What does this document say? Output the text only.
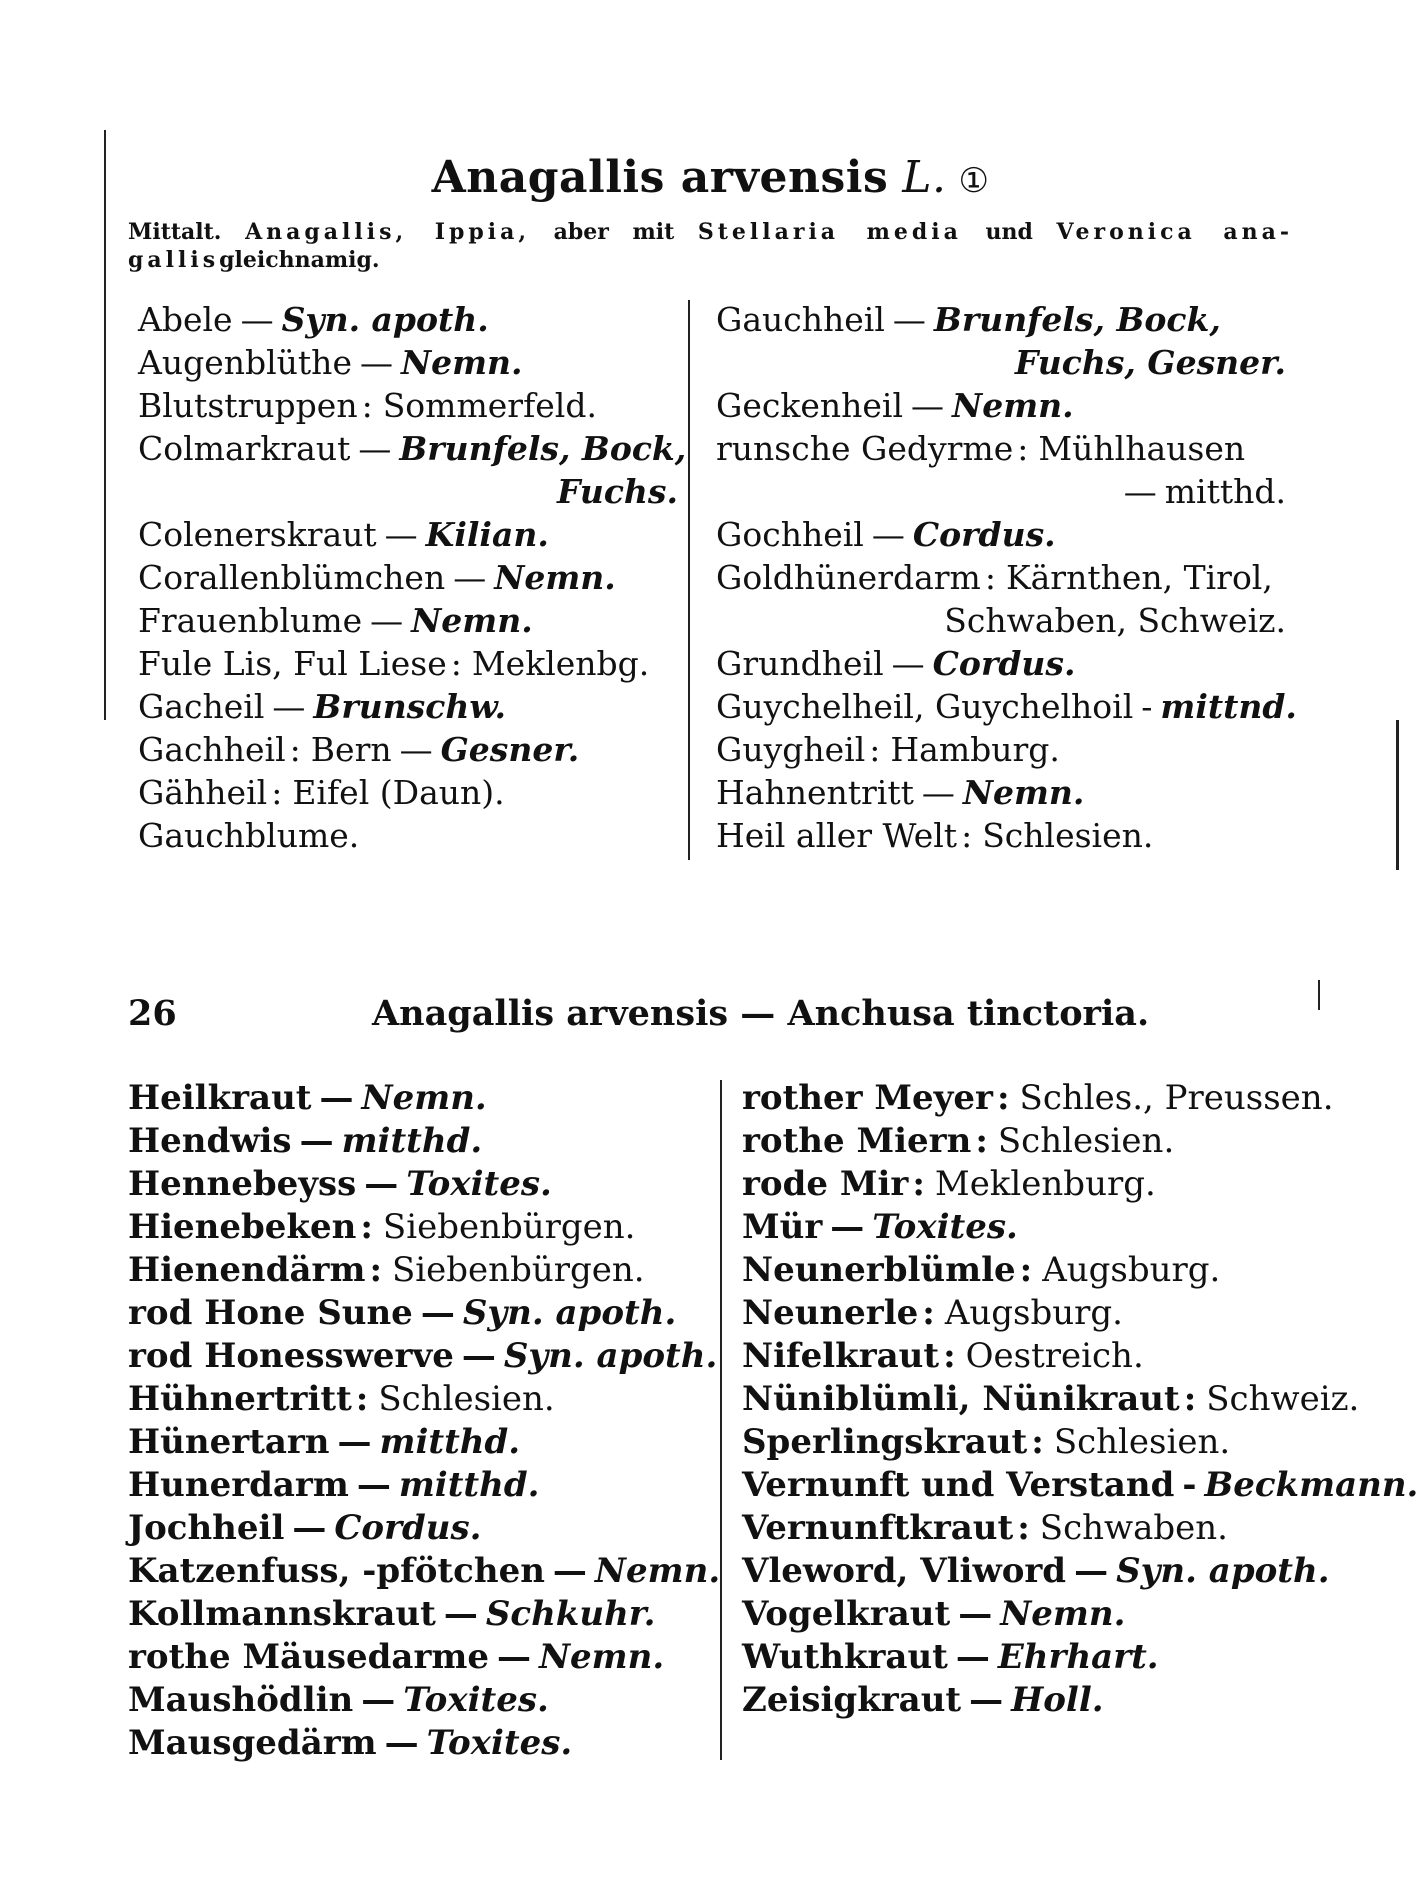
Anagallis arvensis L. ①
Mittalt. Anagallis, Ippia, aber mit Stellaria media und Veronica ana-gallisgleichnamig.
Abele — Syn. apoth.
Augenblüthe — Nemn.
Blutstruppen : Sommerfeld.
Colmarkraut — Brunfels, Bock,
Fuchs.
Colenerskraut — Kilian.
Corallenblümchen — Nemn.
Frauenblume — Nemn.
Fule Lis, Ful Liese : Meklenbg.
Gacheil — Brunschw.
Gachheil : Bern — Gesner.
Gähheil : Eifel (Daun).
Gauchblume.
Gauchheil — Brunfels, Bock,
Fuchs, Gesner.
Geckenheil — Nemn.
runsche Gedyrme : Mühlhausen
— mitthd.
Gochheil — Cordus.
Goldhünerdarm : Kärnthen, Tirol,
Schwaben, Schweiz.
Grundheil — Cordus.
Guychelheil, Guychelhoil - mittnd.
Guygheil : Hamburg.
Hahnentritt — Nemn.
Heil aller Welt : Schlesien.
26	Anagallis arvensis — Anchusa tinctoria.
Heilkraut — Nemn.
Hendwis — mitthd.
Hennebeyss — Toxites.
Hienebeken : Siebenbürgen.
Hienendärm : Siebenbürgen.
rod Hone Sune — Syn. apoth.
rod Honesswerve — Syn. apoth.
Hühnertritt : Schlesien.
Hünertarn — mitthd.
Hunerdarm — mitthd.
Jochheil — Cordus.
Katzenfuss, -pfötchen — Nemn.
Kollmannskraut — Schkuhr.
rothe Mäusedarme — Nemn.
Maushödlin — Toxites.
Mausgedärm — Toxites.
rother Meyer : Schles., Preussen.
rothe Miern : Schlesien.
rode Mir : Meklenburg.
Mür — Toxites.
Neunerblümle : Augsburg.
Neunerle : Augsburg.
Nifelkraut : Oestreich.
Nüniblümli, Nünikraut : Schweiz.
Sperlingskraut : Schlesien.
Vernunft und Verstand - Beckmann.
Vernunftkraut : Schwaben.
Vleword, Vliword — Syn. apoth.
Vogelkraut — Nemn.
Wuthkraut — Ehrhart.
Zeisigkraut — Holl.
